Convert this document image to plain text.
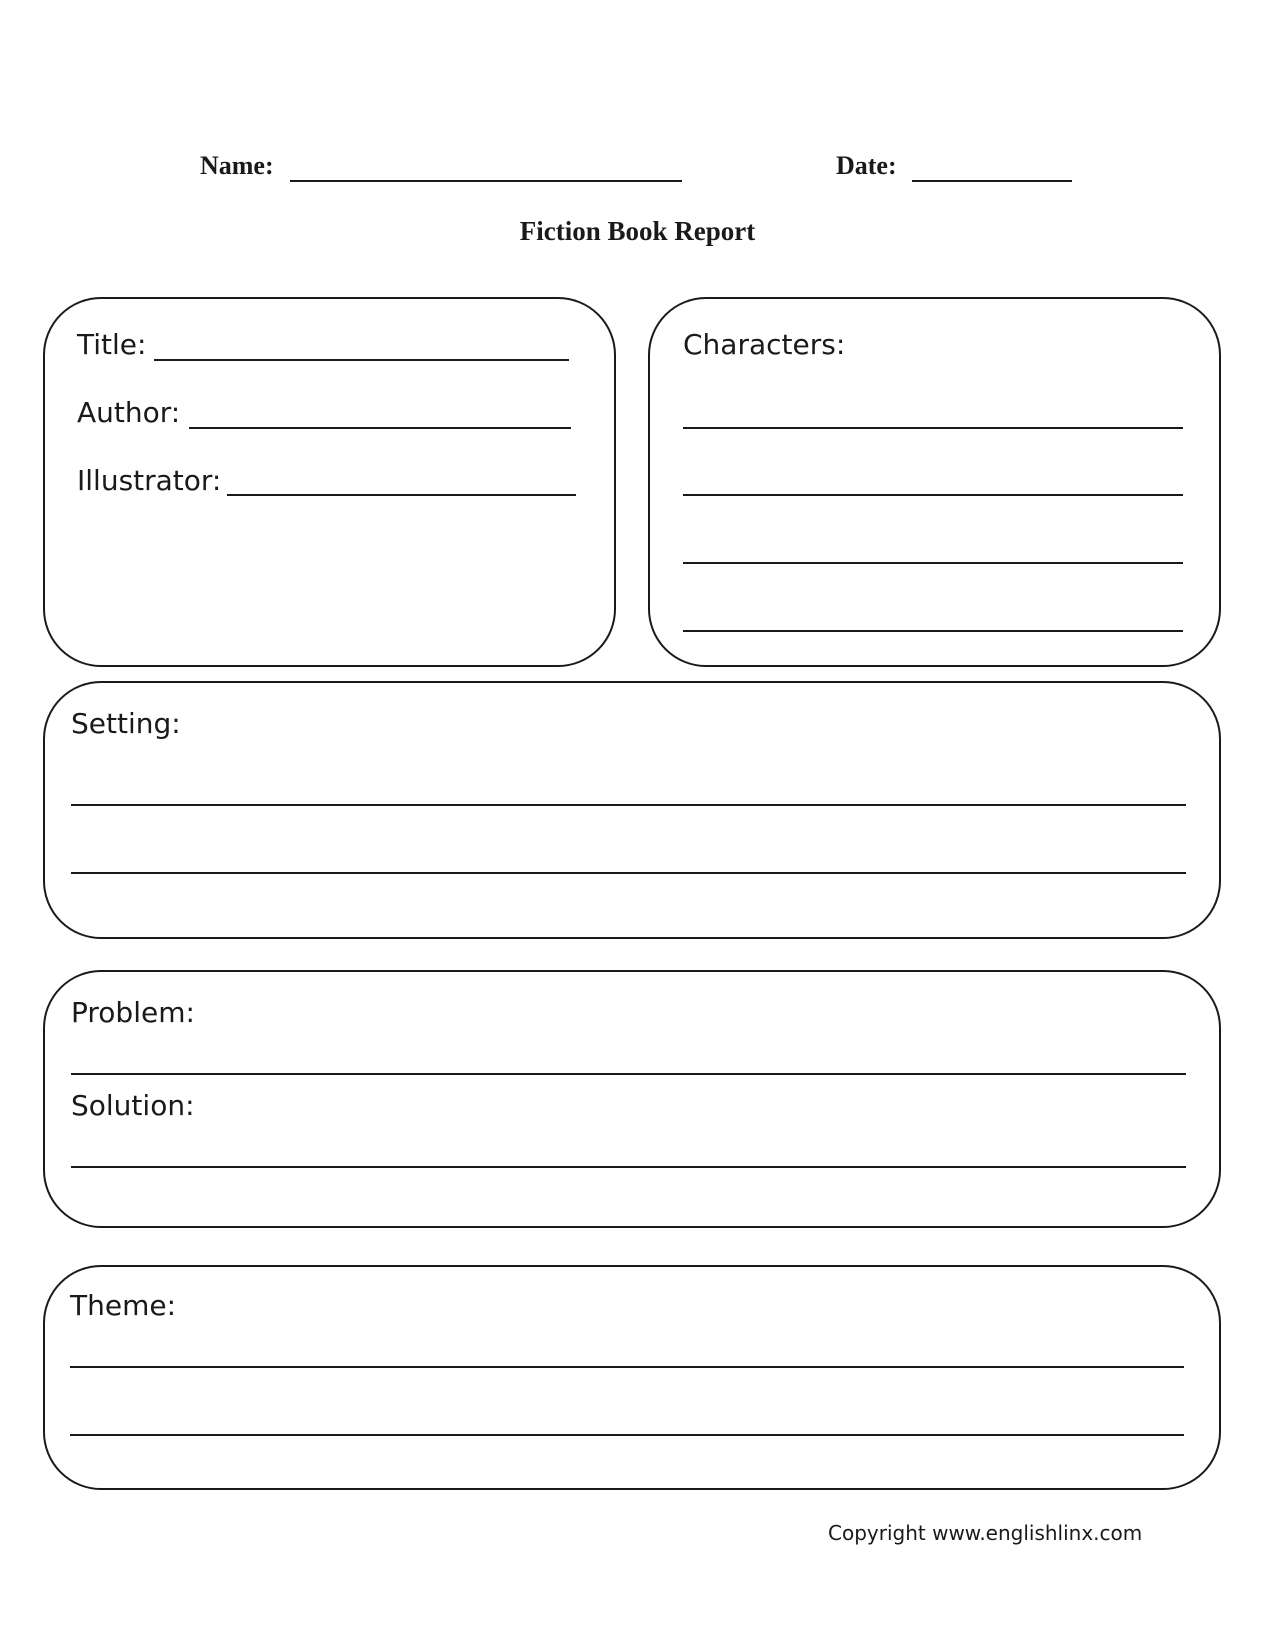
Name:	Date:
Fiction Book Report
Title:
Author:
Illustrator:
Characters:
Setting:
Problem:
Solution:
Theme:
Copyright www.englishlinx.com
